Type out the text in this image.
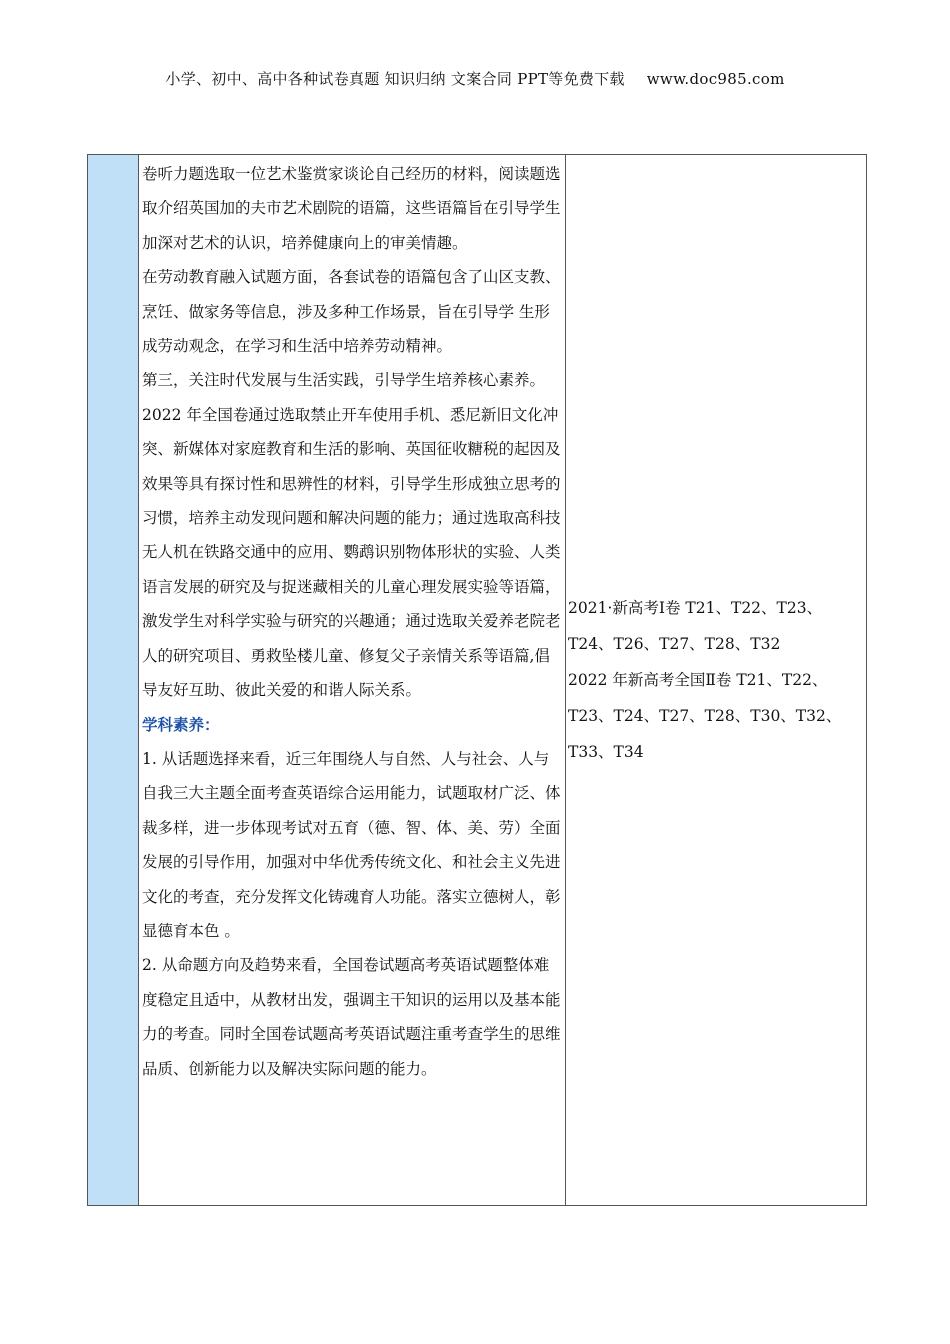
小学、初中、高中各种试卷真题 知识归纳 文案合同 PPT等免费下载 www.doc985.com

卷听力题选取一位艺术鉴赏家谈论自己经历的材料，阅读题选取介绍英国加的夫市艺术剧院的语篇，这些语篇旨在引导学生加深对艺术的认识，培养健康向上的审美情趣。

在劳动教育融入试题方面，各套试卷的语篇包含了山区支教、烹饪、做家务等信息，涉及多种工作场景，旨在引导学 生形成劳动观念，在学习和生活中培养劳动精神。

第三，关注时代发展与生活实践，引导学生培养核心素养。2022 年全国卷通过选取禁止开车使用手机、悉尼新旧文化冲突、新媒体对家庭教育和生活的影响、英国征收糖税的起因及效果等具有探讨性和思辨性的材料，引导学生形成独立思考的习惯，培养主动发现问题和解决问题的能力；通过选取高科技无人机在铁路交通中的应用、鹦鹉识别物体形状的实验、人类语言发展的研究及与捉迷藏相关的儿童心理发展实验等语篇，激发学生对科学实验与研究的兴趣通；通过选取关爱养老院老人的研究项目、勇救坠楼儿童、修复父子亲情关系等语篇,倡导友好互助、彼此关爱的和谐人际关系。

学科素养：

1. 从话题选择来看，近三年围绕人与自然、人与社会、人与自我三大主题全面考查英语综合运用能力，试题取材广泛、体裁多样，进一步体现考试对五育（德、智、体、美、劳）全面发展的引导作用，加强对中华优秀传统文化、和社会主义先进文化的考查，充分发挥文化铸魂育人功能。落实立德树人，彰显德育本色 。

2. 从命题方向及趋势来看，全国卷试题高考英语试题整体难度稳定且适中，从教材出发，强调主干知识的运用以及基本能力的考查。同时全国卷试题高考英语试题注重考查学生的思维品质、创新能力以及解决实际问题的能力。

2021·新高考I卷 T21、T22、T23、T24、T26、T27、T28、T32

2022 年新高考全国Ⅱ卷 T21、T22、T23、T24、T27、T28、T30、T32、T33、T34
